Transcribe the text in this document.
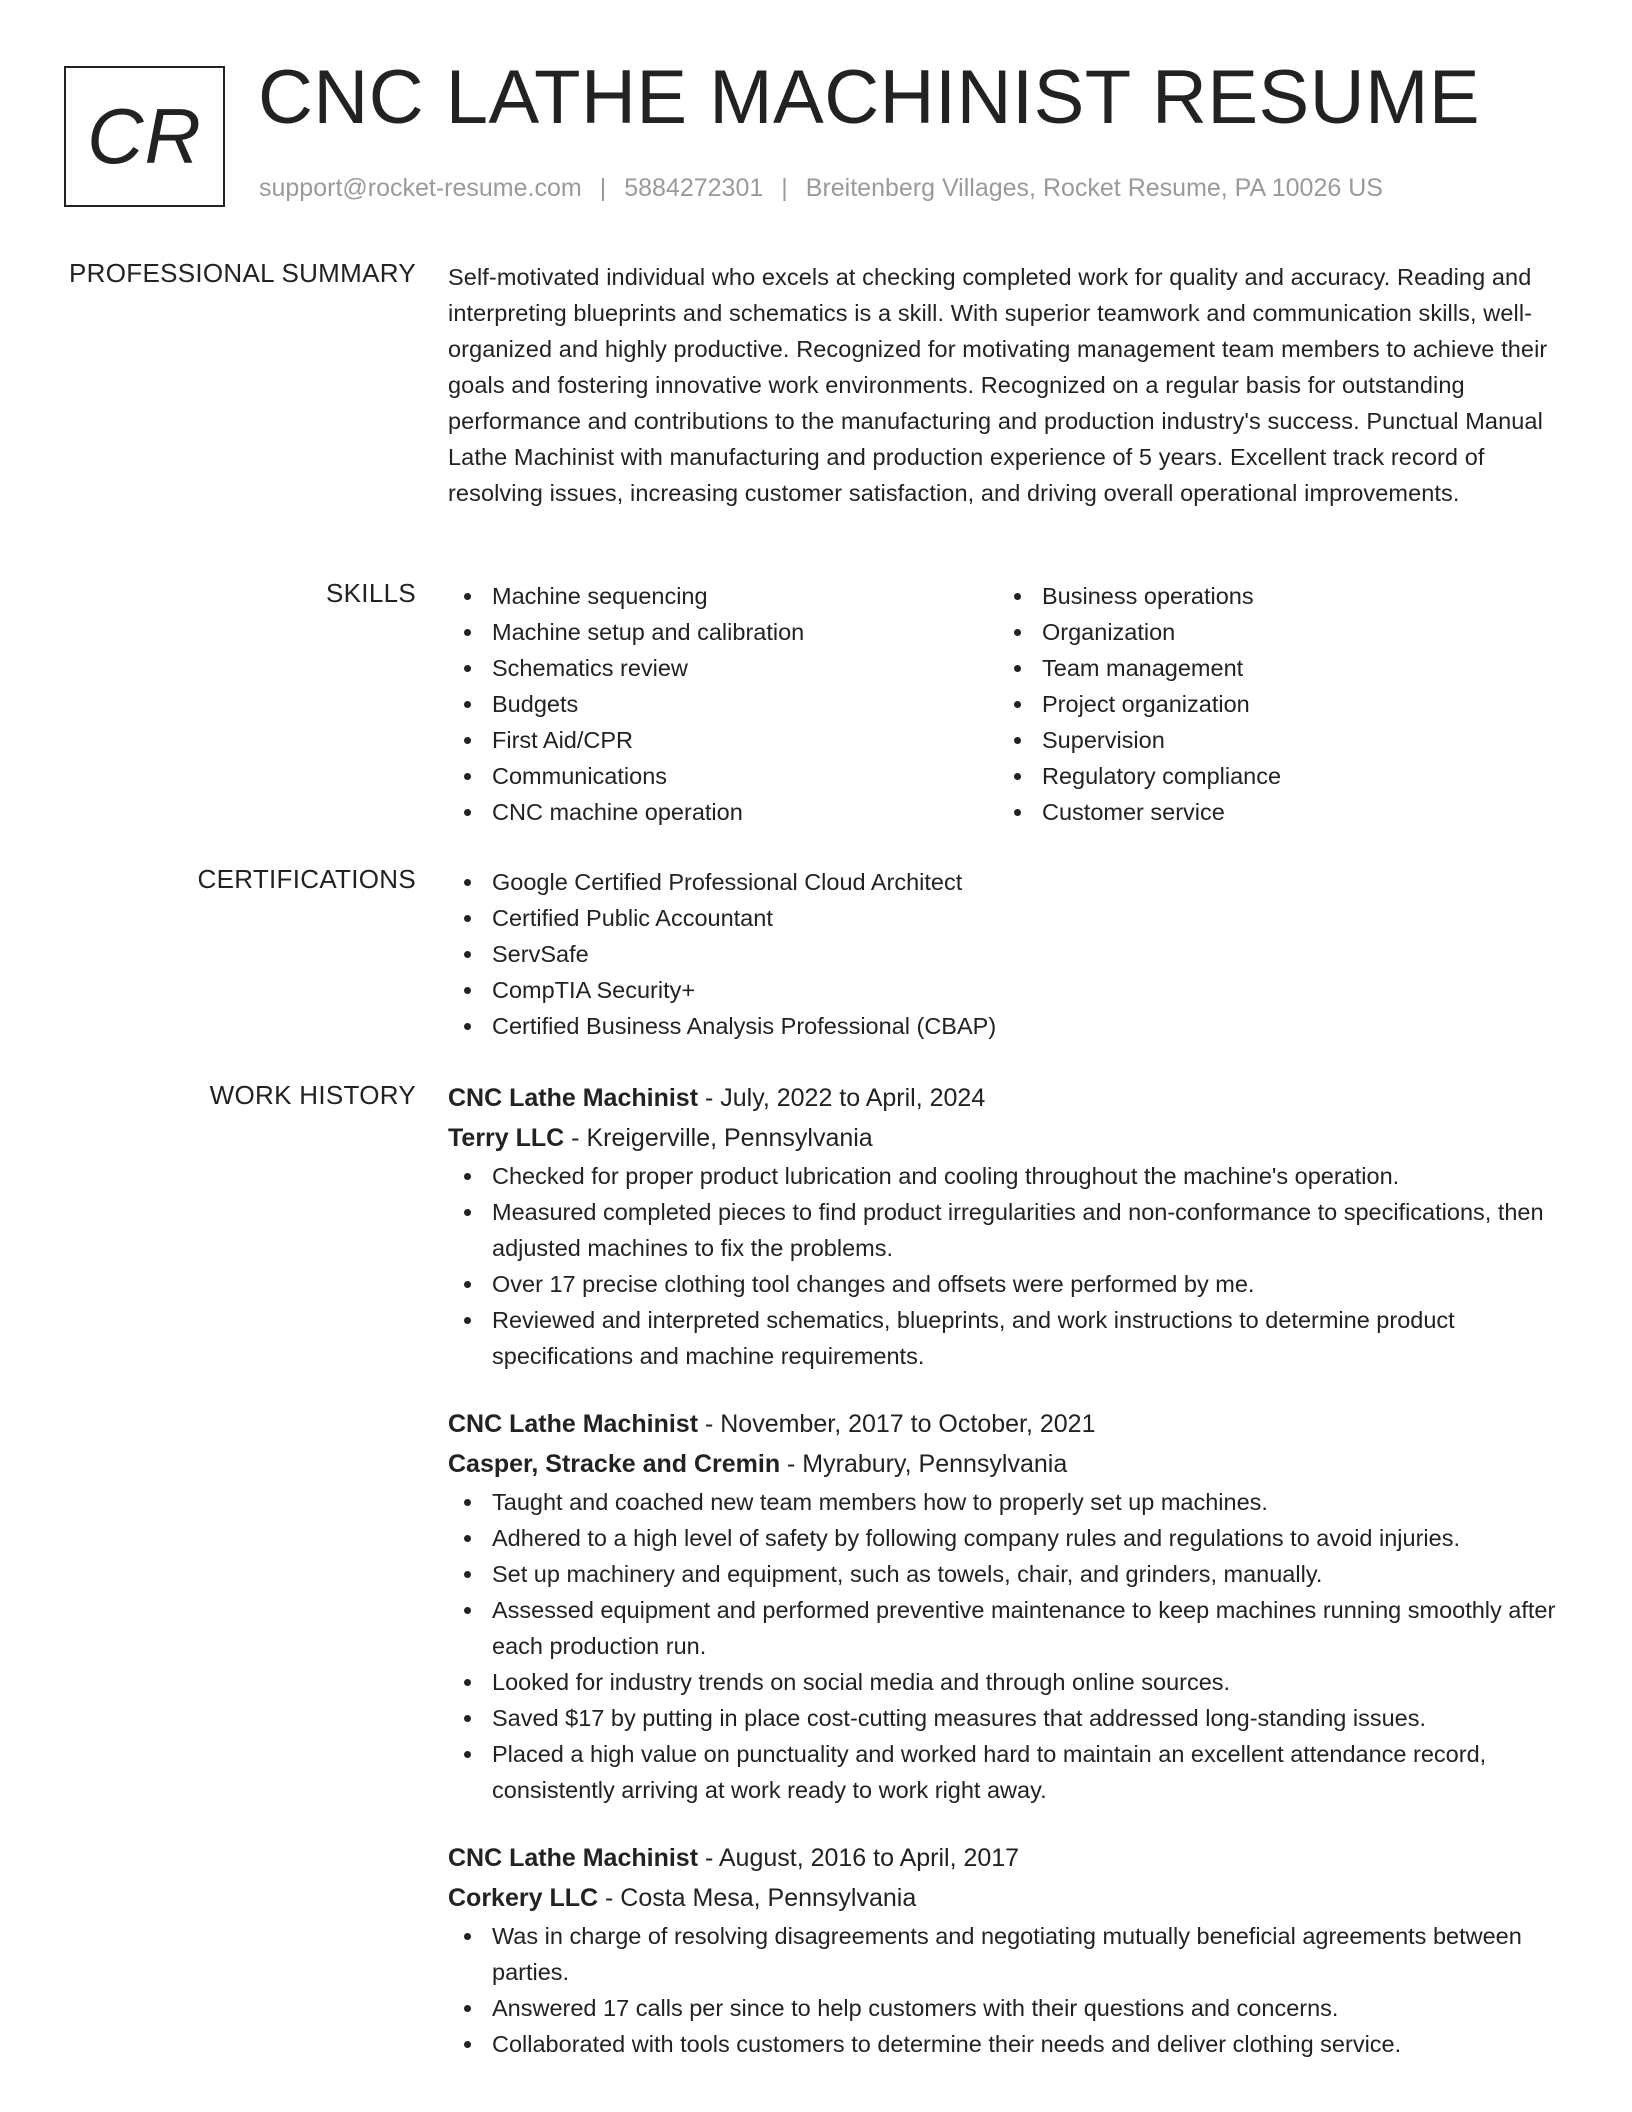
CR CNC LATHE MACHINIST RESUME
support@rocket-resume.com | 5884272301 | Breitenberg Villages, Rocket Resume, PA 10026 US
PROFESSIONAL SUMMARY Self-motivated individual who excels at checking completed work for quality and accuracy. Reading and interpreting blueprints and schematics is a skill. With superior teamwork and communication skills, well-organized and highly productive. Recognized for motivating management team members to achieve their goals and fostering innovative work environments. Recognized on a regular basis for outstanding performance and contributions to the manufacturing and production industry's success. Punctual Manual Lathe Machinist with manufacturing and production experience of 5 years. Excellent track record of resolving issues, increasing customer satisfaction, and driving overall operational improvements.

SKILLS	Machine sequencing
Machine setup and calibration
Schematics review
Budgets
First Aid/CPR
Communications
CNC machine operation
Business operations
Organization
Team management
Project organization
Supervision
Regulatory compliance
Customer service
CERTIFICATIONS	Google Certified Professional Cloud Architect
Certified Public Accountant
ServSafe
CompTIA Security+
Certified Business Analysis Professional (CBAP)
WORK HISTORY CNC Lathe Machinist - July, 2022 to April, 2024
Terry LLC - Kreigerville, Pennsylvania
Checked for proper product lubrication and cooling throughout the machine's operation.
Measured completed pieces to find product irregularities and non-conformance to specifications, then adjusted machines to fix the problems.
Over 17 precise clothing tool changes and offsets were performed by me.
Reviewed and interpreted schematics, blueprints, and work instructions to determine product specifications and machine requirements.
CNC Lathe Machinist - November, 2017 to October, 2021
Casper, Stracke and Cremin - Myrabury, Pennsylvania
Taught and coached new team members how to properly set up machines.
Adhered to a high level of safety by following company rules and regulations to avoid injuries.
Set up machinery and equipment, such as towels, chair, and grinders, manually.
Assessed equipment and performed preventive maintenance to keep machines running smoothly after each production run.
Looked for industry trends on social media and through online sources.
Saved $17 by putting in place cost-cutting measures that addressed long-standing issues.
Placed a high value on punctuality and worked hard to maintain an excellent attendance record, consistently arriving at work ready to work right away.
CNC Lathe Machinist - August, 2016 to April, 2017
Corkery LLC - Costa Mesa, Pennsylvania
Was in charge of resolving disagreements and negotiating mutually beneficial agreements between parties.
Answered 17 calls per since to help customers with their questions and concerns.
Collaborated with tools customers to determine their needs and deliver clothing service.
